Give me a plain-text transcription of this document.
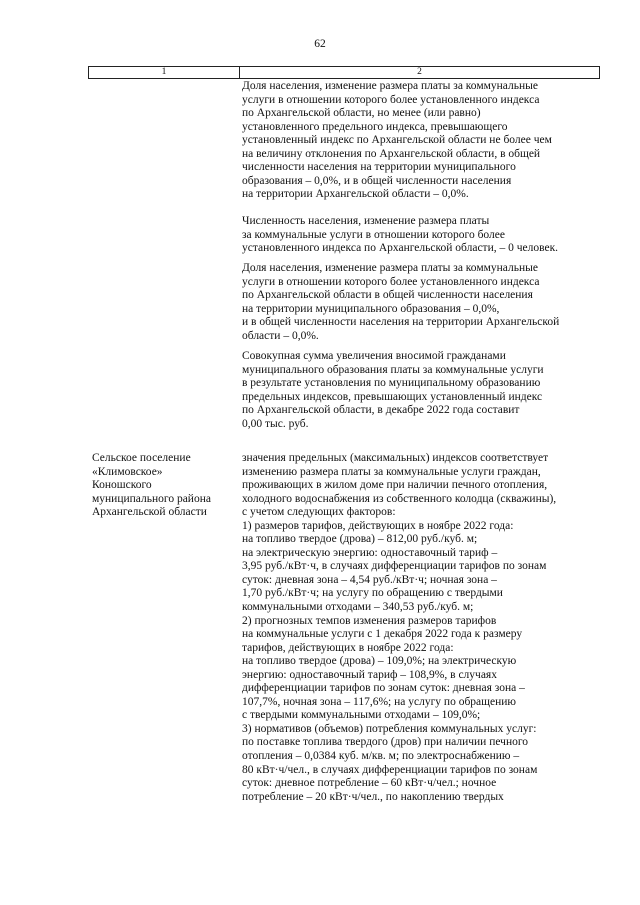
62
1	2
Доля населения, изменение размера платы за коммунальные
услуги в отношении которого более установленного индекса
по Архангельской области, но менее (или равно)
установленного предельного индекса, превышающего
установленный индекс по Архангельской области не более чем
на величину отклонения по Архангельской области, в общей
численности населения на территории муниципального
образования – 0,0%, и в общей численности населения
на территории Архангельской области – 0,0%.
Численность населения, изменение размера платы
за коммунальные услуги в отношении которого более
установленного индекса по Архангельской области, – 0 человек.
Доля населения, изменение размера платы за коммунальные
услуги в отношении которого более установленного индекса
по Архангельской области в общей численности населения
на территории муниципального образования – 0,0%,
и в общей численности населения на территории Архангельской
области – 0,0%.
Совокупная сумма увеличения вносимой гражданами
муниципального образования платы за коммунальные услуги
в результате установления по муниципальному образованию
предельных индексов, превышающих установленный индекс
по Архангельской области, в декабре 2022 года составит
0,00 тыс. руб.
Сельское поселение
«Климовское»
Коношского
муниципального района
Архангельской области
значения предельных (максимальных) индексов соответствует
изменению размера платы за коммунальные услуги граждан,
проживающих в жилом доме при наличии печного отопления,
холодного водоснабжения из собственного колодца (скважины),
с учетом следующих факторов:
1) размеров тарифов, действующих в ноябре 2022 года:
на топливо твердое (дрова) – 812,00 руб./куб. м;
на электрическую энергию: одноставочный тариф –
3,95 руб./кВт·ч, в случаях дифференциации тарифов по зонам
суток: дневная зона – 4,54 руб./кВт·ч; ночная зона –
1,70 руб./кВт·ч; на услугу по обращению с твердыми
коммунальными отходами – 340,53 руб./куб. м;
2) прогнозных темпов изменения размеров тарифов
на коммунальные услуги с 1 декабря 2022 года к размеру
тарифов, действующих в ноябре 2022 года:
на топливо твердое (дрова) – 109,0%; на электрическую
энергию: одноставочный тариф – 108,9%, в случаях
дифференциации тарифов по зонам суток: дневная зона –
107,7%, ночная зона – 117,6%; на услугу по обращению
с твердыми коммунальными отходами – 109,0%;
3) нормативов (объемов) потребления коммунальных услуг:
по поставке топлива твердого (дров) при наличии печного
отопления – 0,0384 куб. м/кв. м; по электроснабжению –
80 кВт·ч/чел., в случаях дифференциации тарифов по зонам
суток: дневное потребление – 60 кВт·ч/чел.; ночное
потребление – 20 кВт·ч/чел., по накоплению твердых
